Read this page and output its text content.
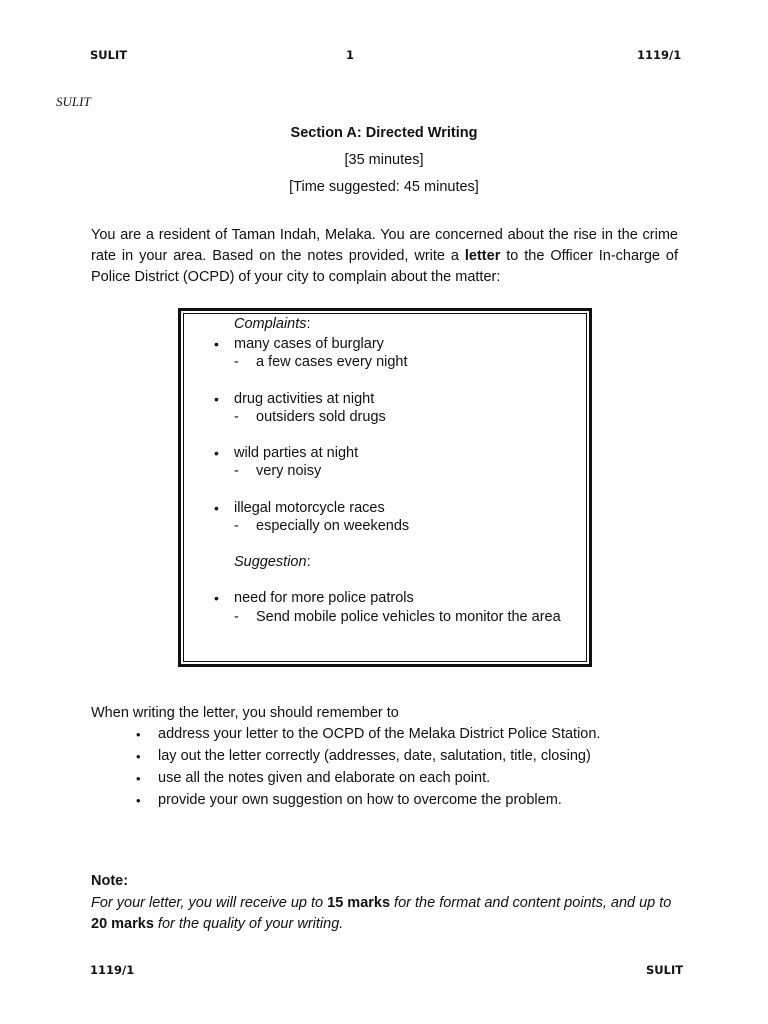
SULIT	1	1119/1
SULIT
Section A: Directed Writing
[35 minutes]
[Time suggested: 45 minutes]
You are a resident of Taman Indah, Melaka. You are concerned about the rise in the crime rate in your area. Based on the notes provided, write a letter to the Officer In-charge of Police District (OCPD) of your city to complain about the matter:
Complaints:
• many cases of burglary
- a few cases every night
• drug activities at night
- outsiders sold drugs
• wild parties at night
- very noisy
• illegal motorcycle races
- especially on weekends
Suggestion:
• need for more police patrols
- Send mobile police vehicles to monitor the area
When writing the letter, you should remember to
• address your letter to the OCPD of the Melaka District Police Station.
• lay out the letter correctly (addresses, date, salutation, title, closing)
• use all the notes given and elaborate on each point.
• provide your own suggestion on how to overcome the problem.
Note:
For your letter, you will receive up to 15 marks for the format and content points, and up to 20 marks for the quality of your writing.
1119/1	SULIT
